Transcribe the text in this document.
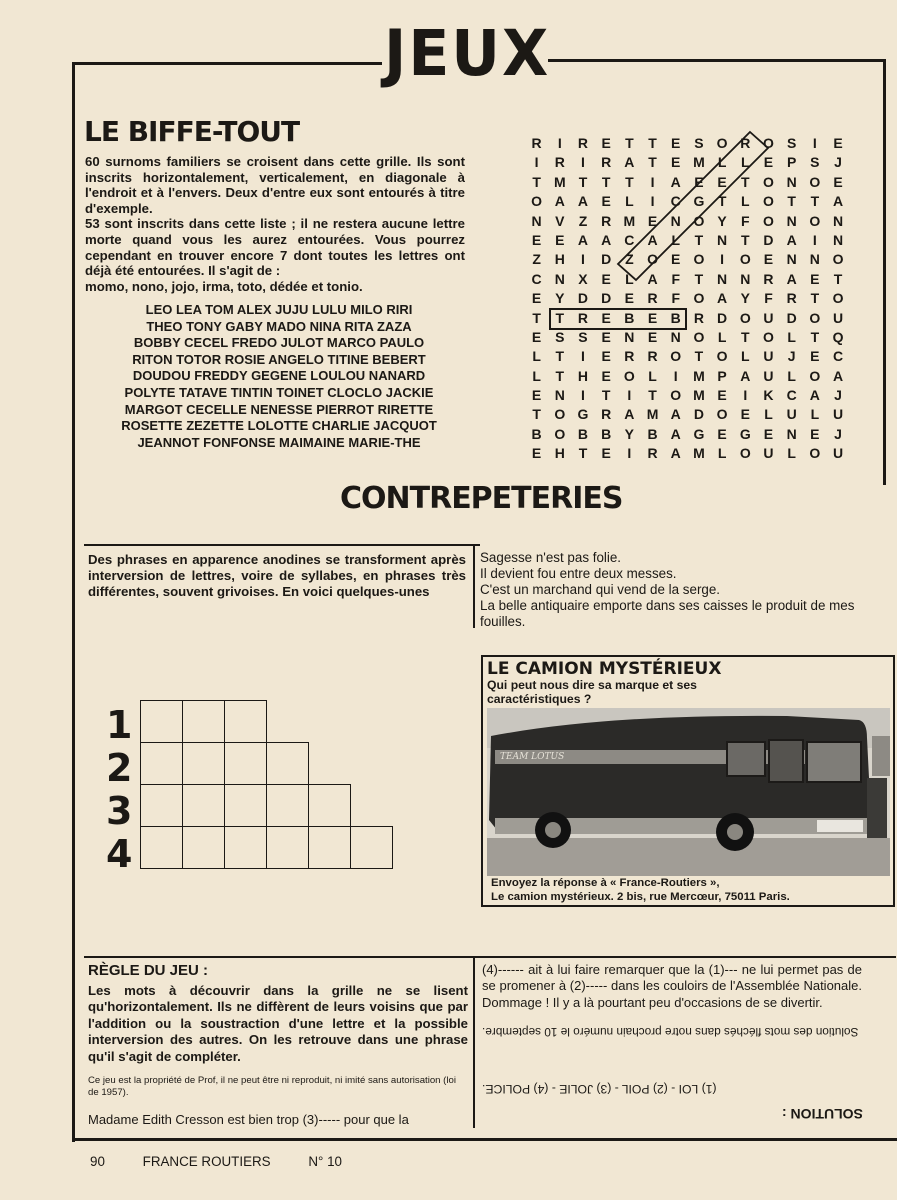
JEUX
LE BIFFE-TOUT

60 surnoms familiers se croisent dans cette grille. Ils sont inscrits horizontalement, verticalement, en diagonale à l'endroit et à l'envers. Deux d'entre eux sont entourés à titre d'exemple.

53 sont inscrits dans cette liste ; il ne restera aucune lettre morte quand vous les aurez entourées. Vous pourrez cependant en trouver encore 7 dont toutes les lettres ont déjà été entourées. Il s'agit de :

momo, nono, jojo, irma, toto, dédée et tonio.

LEO LEA TOM ALEX JUJU LULU MILO RIRI
THEO TONY GABY MADO NINA RITA ZAZA
BOBBY CECEL FREDO JULOT MARCO PAULO
RITON TOTOR ROSIE ANGELO TITINE BEBERT
DOUDOU FREDDY GEGENE LOULOU NANARD
POLYTE TATAVE TINTIN TOINET CLOCLO JACKIE
MARGOT CECELLE NENESSE PIERROT RIRETTE
ROSETTE ZEZETTE LOLOTTE CHARLIE JACQUOT
JEANNOT FONFONSE MAIMAINE MARIE-THE
R	I	R E	T	T	E S O R O S	I	E
I	R	I	R A T	E M L	L	E P S	J
T M T	T	T	I	A E E	T O N O E
O A A E	L	I	C G T	L O T	T A
N V	Z R M E N O Y	F O N O N
E E A A C A L	T N T D A	I	N
Z H	I	D Z O E O	I	O E N N O
C N X E	L A F	T N N R A E	T
E Y D D E R F O A Y	F R T O
T	T R E B E B R D O U D O U
E S S E N E N O L	T O L	T Q
L	T	I	E R R O T O L U	J	E C
L	T H E O L	I	M P A U L O A
E N	I	T	I	T O M E	I	K C A	J
T O G R A M A D O E	L U L U
B O B B Y B A G E G E N E	J
E H T	E	I	R A M L O U L O U
CONTREPETERIES
Des phrases en apparence anodines se transforment après interversion de lettres, voire de syllabes, en phrases très différentes, souvent grivoises. En voici quelques-unes
Sagesse n'est pas folie.
Il devient fou entre deux messes.
C'est un marchand qui vend de la serge.
La belle antiquaire emporte dans ses caisses le produit de mes fouilles.
LE CAMION MYSTÉRIEUX
Qui peut nous dire sa marque et ses caractéristiques ?
TEAM LOTUS

Envoyez la réponse à « France-Routiers »,

Le camion mystérieux. 2 bis, rue Mercœur, 75011 Paris.

1
2
3
4
RÈGLE DU JEU :
Les mots à découvrir dans la grille ne se lisent qu'horizontalement. Ils ne diffèrent de leurs voisins que par l'addition ou la soustraction d'une lettre et la possible interversion des autres. On les retrouve dans une phrase qu'il s'agit de compléter.
Ce jeu est la propriété de Prof, il ne peut être ni reproduit, ni imité sans autorisation (loi de 1957).
Madame Edith Cresson est bien trop (3)----- pour que la
(4)------ ait à lui faire remarquer que la (1)--- ne lui permet pas de se promener à (2)----- dans les couloirs de l'Assemblée Nationale. Dommage ! Il y a là pourtant peu d'occasions de se divertir.
Solution des mots fléchés dans notre prochain numéro le 10 septembre.
(1) LOI - (2) POIL - (3) JOLIE - (4) POLICE.
SOLUTION :
90	FRANCE ROUTIERS	N° 10
